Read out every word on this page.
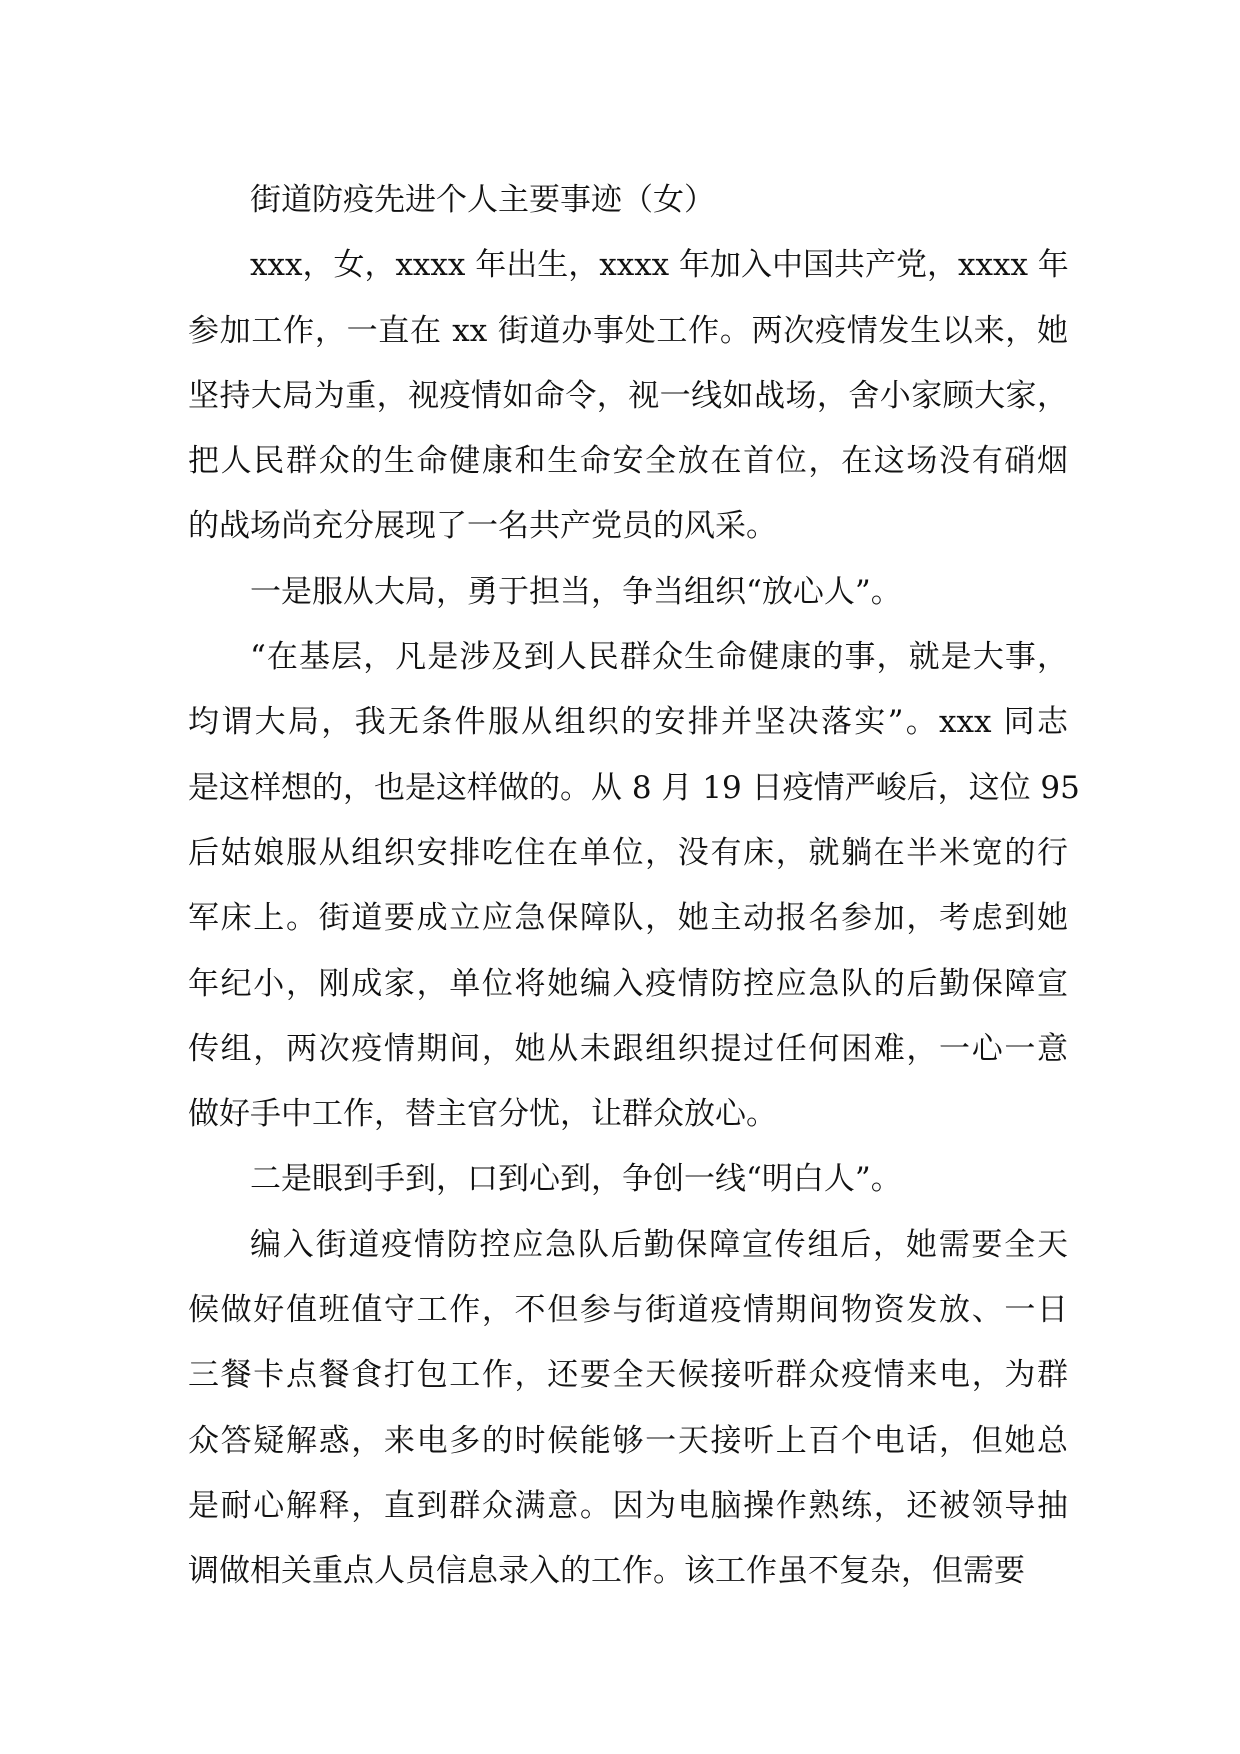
街道防疫先进个人主要事迹（女）
xxx，女，xxxx 年出生，xxxx 年加入中国共产党，xxxx 年
参加工作，一直在 xx 街道办事处工作。两次疫情发生以来，她
坚持大局为重，视疫情如命令，视一线如战场，舍小家顾大家，
把人民群众的生命健康和生命安全放在首位，在这场没有硝烟
的战场尚充分展现了一名共产党员的风采。
一是服从大局，勇于担当，争当组织“放心人”。
“在基层，凡是涉及到人民群众生命健康的事，就是大事，
均谓大局，我无条件服从组织的安排并坚决落实”。xxx 同志
是这样想的，也是这样做的。从 8 月 19 日疫情严峻后，这位 95
后姑娘服从组织安排吃住在单位，没有床，就躺在半米宽的行
军床上。街道要成立应急保障队，她主动报名参加，考虑到她
年纪小，刚成家，单位将她编入疫情防控应急队的后勤保障宣
传组，两次疫情期间，她从未跟组织提过任何困难，一心一意
做好手中工作，替主官分忧，让群众放心。
二是眼到手到，口到心到，争创一线“明白人”。
编入街道疫情防控应急队后勤保障宣传组后，她需要全天
候做好值班值守工作，不但参与街道疫情期间物资发放、一日
三餐卡点餐食打包工作，还要全天候接听群众疫情来电，为群
众答疑解惑，来电多的时候能够一天接听上百个电话，但她总
是耐心解释，直到群众满意。因为电脑操作熟练，还被领导抽
调做相关重点人员信息录入的工作。该工作虽不复杂，但需要
